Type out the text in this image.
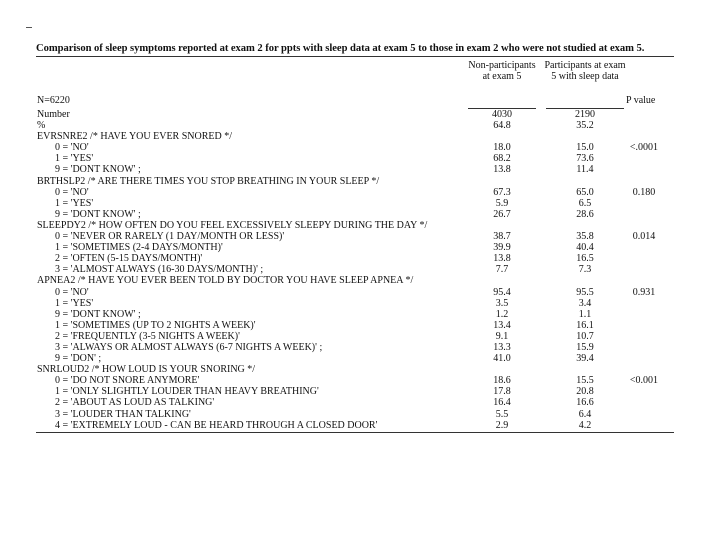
Comparison of sleep symptoms reported at exam 2 for ppts with sleep data at exam 5 to those in exam 2 who were not studied at exam 5.
N=6220
Non-participants at exam 5
Participants at exam 5 with sleep data
P value
Number	4030	2190
%	64.8	35.2
EVRSNRE2 /* HAVE YOU EVER SNORED */
0 = 'NO'	18.0	15.0	<.0001
1 = 'YES'	68.2	73.6
9 = 'DONT KNOW' ;	13.8	11.4
BRTHSLP2 /* ARE THERE TIMES YOU STOP BREATHING IN YOUR SLEEP */
0 = 'NO'	67.3	65.0	0.180
1 = 'YES'	5.9	6.5
9 = 'DONT KNOW' ;	26.7	28.6
SLEEPDY2 /* HOW OFTEN DO YOU FEEL EXCESSIVELY SLEEPY DURING THE DAY */
0 = 'NEVER OR RARELY (1 DAY/MONTH OR LESS)'	38.7	35.8	0.014
1 = 'SOMETIMES (2-4 DAYS/MONTH)'	39.9	40.4
2 = 'OFTEN (5-15 DAYS/MONTH)'	13.8	16.5
3 = 'ALMOST ALWAYS (16-30 DAYS/MONTH)' ;	7.7	7.3
APNEA2 /* HAVE YOU EVER BEEN TOLD BY DOCTOR YOU HAVE SLEEP APNEA */
0 = 'NO'	95.4	95.5	0.931
1 = 'YES'	3.5	3.4
9 = 'DONT KNOW' ;	1.2	1.1
1 = 'SOMETIMES (UP TO 2 NIGHTS A WEEK)'	13.4	16.1
2 = 'FREQUENTLY (3-5 NIGHTS A WEEK)'	9.1	10.7
3 = 'ALWAYS OR ALMOST ALWAYS (6-7 NIGHTS A WEEK)' ;	13.3	15.9
9 = 'DON' ;	41.0	39.4
SNRLOUD2 /* HOW LOUD IS YOUR SNORING */
0 = 'DO NOT SNORE ANYMORE'	18.6	15.5	<0.001
1 = 'ONLY SLIGHTLY LOUDER THAN HEAVY BREATHING'	17.8	20.8
2 = 'ABOUT AS LOUD AS TALKING'	16.4	16.6
3 = 'LOUDER THAN TALKING'	5.5	6.4
4 = 'EXTREMELY LOUD - CAN BE HEARD THROUGH A CLOSED DOOR'	2.9	4.2
